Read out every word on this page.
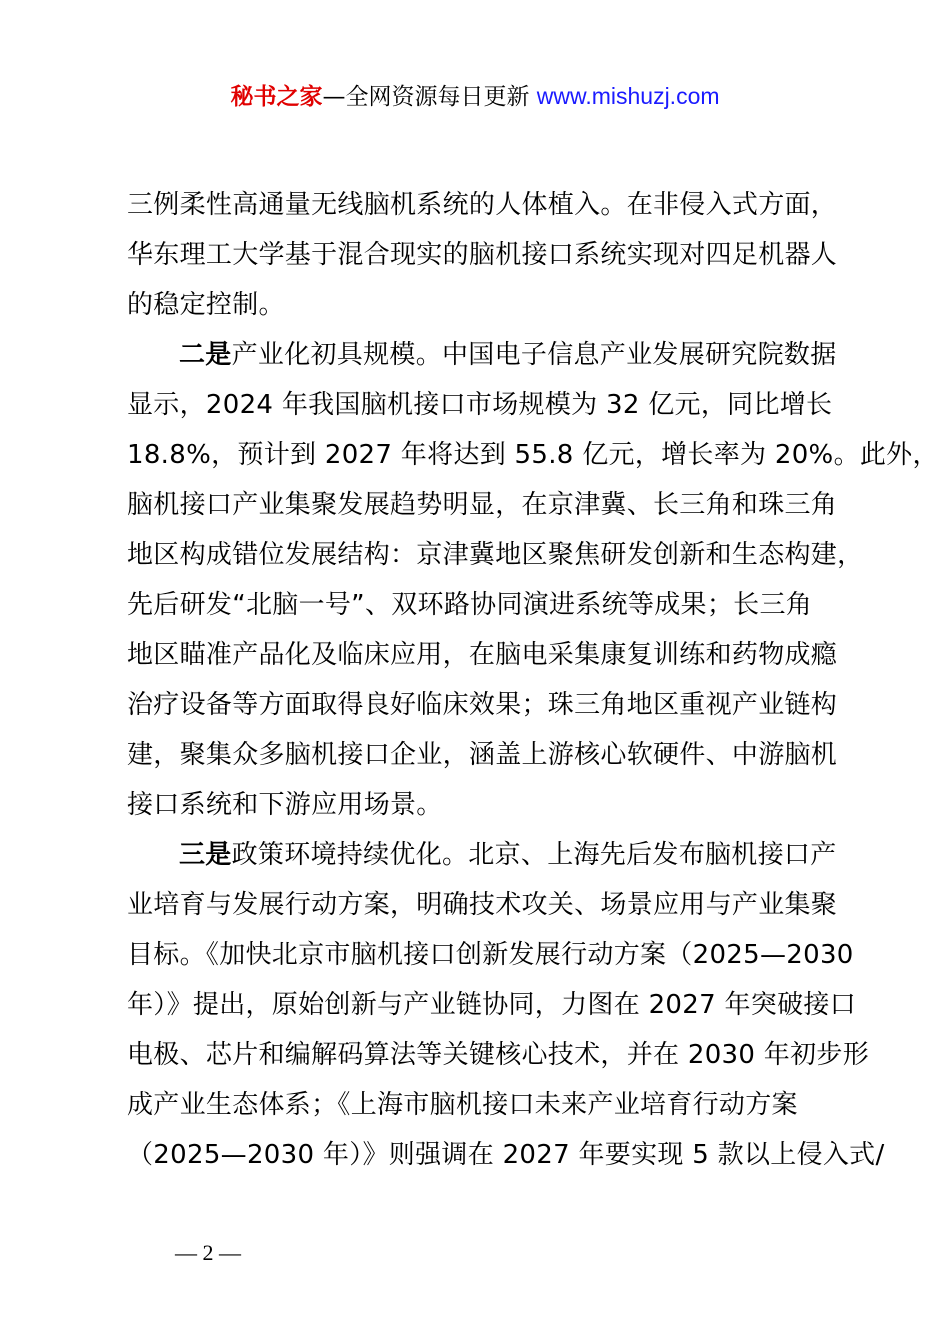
秘书之家—全网资源每日更新 www.mishuzj.com
三例柔性高通量无线脑机系统的人体植入。在非侵入式方面，
华东理工大学基于混合现实的脑机接口系统实现对四足机器人
的稳定控制。
二是产业化初具规模。中国电子信息产业发展研究院数据
显示，2024 年我国脑机接口市场规模为 32 亿元，同比增长
18.8%，预计到 2027 年将达到 55.8 亿元，增长率为 20%。此外，
脑机接口产业集聚发展趋势明显，在京津冀、长三角和珠三角
地区构成错位发展结构：京津冀地区聚焦研发创新和生态构建，
先后研发“北脑一号”、双环路协同演进系统等成果；长三角
地区瞄准产品化及临床应用，在脑电采集康复训练和药物成瘾
治疗设备等方面取得良好临床效果；珠三角地区重视产业链构
建，聚集众多脑机接口企业，涵盖上游核心软硬件、中游脑机
接口系统和下游应用场景。
三是政策环境持续优化。北京、上海先后发布脑机接口产
业培育与发展行动方案，明确技术攻关、场景应用与产业集聚
目标。《加快北京市脑机接口创新发展行动方案（2025—2030
年）》提出，原始创新与产业链协同，力图在 2027 年突破接口
电极、芯片和编解码算法等关键核心技术，并在 2030 年初步形
成产业生态体系；《上海市脑机接口未来产业培育行动方案
（2025—2030 年）》则强调在 2027 年要实现 5 款以上侵入式/
— 2 —
